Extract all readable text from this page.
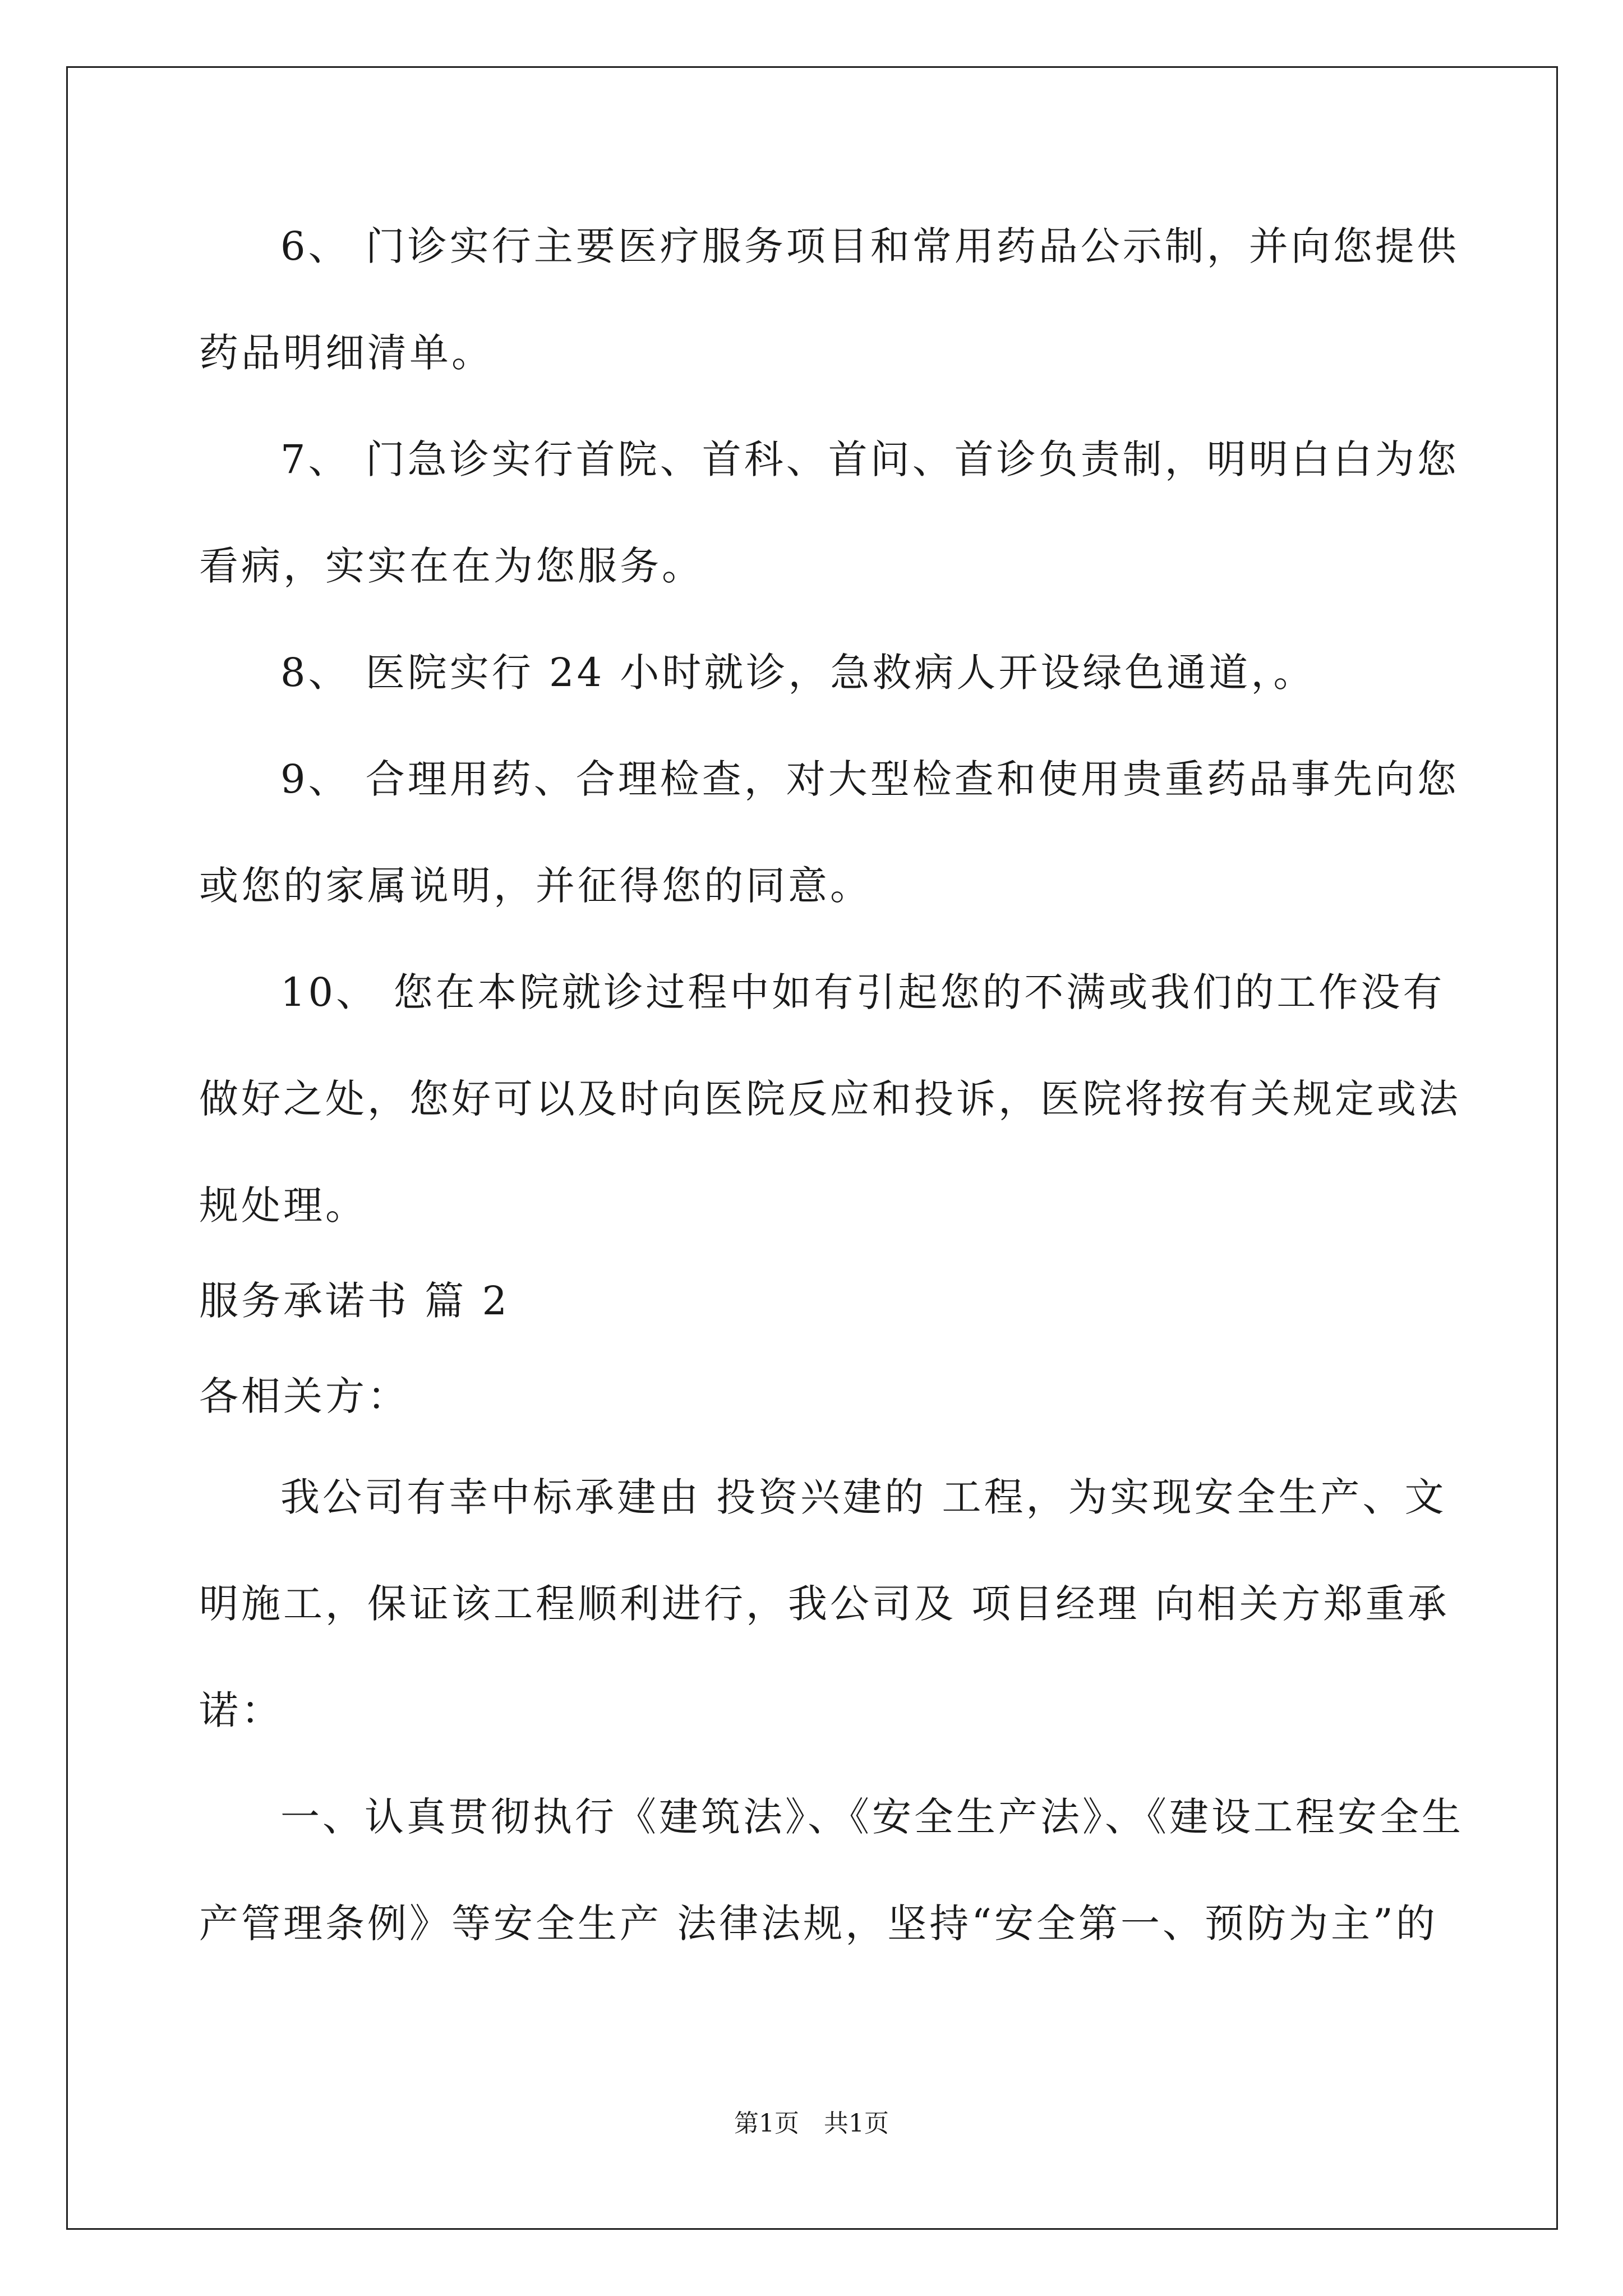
6、 门诊实行主要医疗服务项目和常用药品公示制，并向您提供
药品明细清单。
7、 门急诊实行首院、首科、首问、首诊负责制，明明白白为您
看病，实实在在为您服务。
8、 医院实行 24 小时就诊，急救病人开设绿色通道，。
9、 合理用药、合理检查，对大型检查和使用贵重药品事先向您
或您的家属说明，并征得您的同意。
10、 您在本院就诊过程中如有引起您的不满或我们的工作没有
做好之处，您好可以及时向医院反应和投诉，医院将按有关规定或法
规处理。
服务承诺书 篇 2
各相关方：
我公司有幸中标承建由 投资兴建的 工程，为实现安全生产、文
明施工，保证该工程顺利进行，我公司及 项目经理 向相关方郑重承
诺：
一、认真贯彻执行《建筑法》、《安全生产法》、《建设工程安全生
产管理条例》等安全生产 法律法规，坚持“安全第一、预防为主”的
第1页　共1页
